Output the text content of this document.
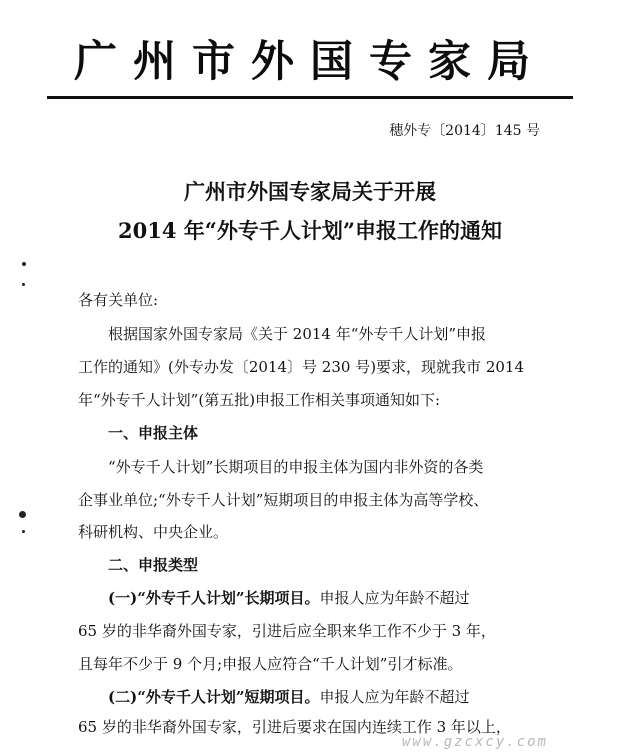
广州市外国专家局
穗外专〔2014〕145 号
广州市外国专家局关于开展
2014 年“外专千人计划”申报工作的通知
各有关单位:
根据国家外国专家局《关于 2014 年“外专千人计划”申报
工作的通知》(外专办发〔2014〕号 230 号)要求，现就我市 2014
年“外专千人计划”(第五批)申报工作相关事项通知如下:
一、申报主体
“外专千人计划”长期项目的申报主体为国内非外资的各类
企事业单位;“外专千人计划”短期项目的申报主体为高等学校、
科研机构、中央企业。
二、申报类型
(一)“外专千人计划”长期项目。申报人应为年龄不超过
65 岁的非华裔外国专家，引进后应全职来华工作不少于 3 年，
且每年不少于 9 个月;申报人应符合“千人计划”引才标准。
(二)“外专千人计划”短期项目。申报人应为年龄不超过
65 岁的非华裔外国专家，引进后要求在国内连续工作 3 年以上，
www.gzcxcy.com
